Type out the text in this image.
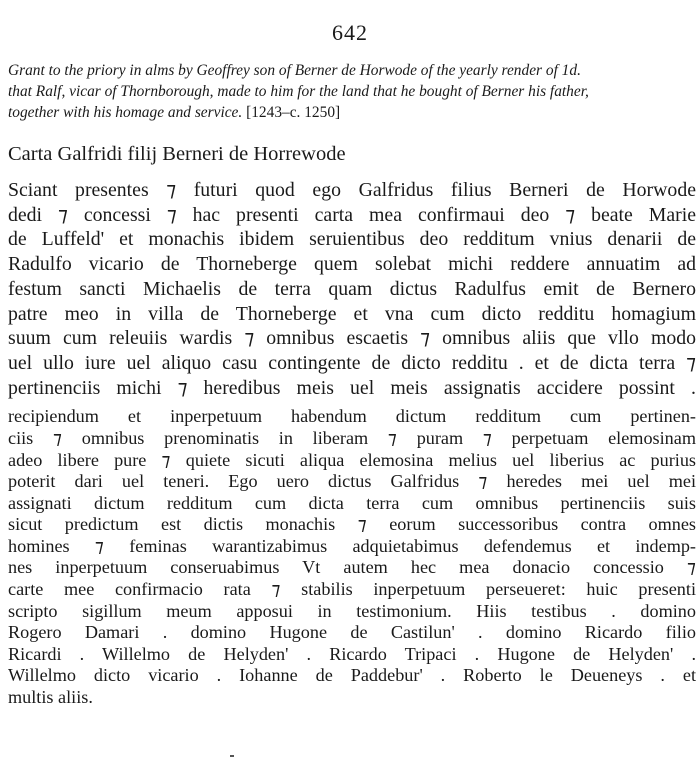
642
Grant to the priory in alms by Geoffrey son of Berner de Horwode of the yearly render of 1d.
that Ralf, vicar of Thornborough, made to him for the land that he bought of Berner his father,
together with his homage and service. [1243–c. 1250]
Carta Galfridi filij Berneri de Horrewode
Sciant presentes ⁊ futuri quod ego Galfridus filius Berneri de Horwode
dedi ⁊ concessi ⁊ hac presenti carta mea confirmaui deo ⁊ beate Marie
de Luffeld' et monachis ibidem seruientibus deo redditum vnius denarii de
Radulfo vicario de Thorneberge quem solebat michi reddere annuatim ad
festum sancti Michaelis de terra quam dictus Radulfus emit de Bernero
patre meo in villa de Thorneberge et vna cum dicto redditu homagium
suum cum releuiis wardis ⁊ omnibus escaetis ⁊ omnibus aliis que vllo modo
uel ullo iure uel aliquo casu contingente de dicto redditu . et de dicta terra ⁊
pertinenciis michi ⁊ heredibus meis uel meis assignatis accidere possint .
recipiendum et inperpetuum habendum dictum redditum cum pertinen-
ciis ⁊ omnibus prenominatis in liberam ⁊ puram ⁊ perpetuam elemosinam
adeo libere pure ⁊ quiete sicuti aliqua elemosina melius uel liberius ac purius
poterit dari uel teneri. Ego uero dictus Galfridus ⁊ heredes mei uel mei
assignati dictum redditum cum dicta terra cum omnibus pertinenciis suis
sicut predictum est dictis monachis ⁊ eorum successoribus contra omnes
homines ⁊ feminas warantizabimus adquietabimus defendemus et indemp-
nes inperpetuum conseruabimus Vt autem hec mea donacio concessio ⁊
carte mee confirmacio rata ⁊ stabilis inperpetuum perseueret: huic presenti
scripto sigillum meum apposui in testimonium. Hiis testibus . domino
Rogero Damari . domino Hugone de Castilun' . domino Ricardo filio
Ricardi . Willelmo de Helyden' . Ricardo Tripaci . Hugone de Helyden' .
Willelmo dicto vicario . Iohanne de Paddebur' . Roberto le Deueneys . et
multis aliis.
